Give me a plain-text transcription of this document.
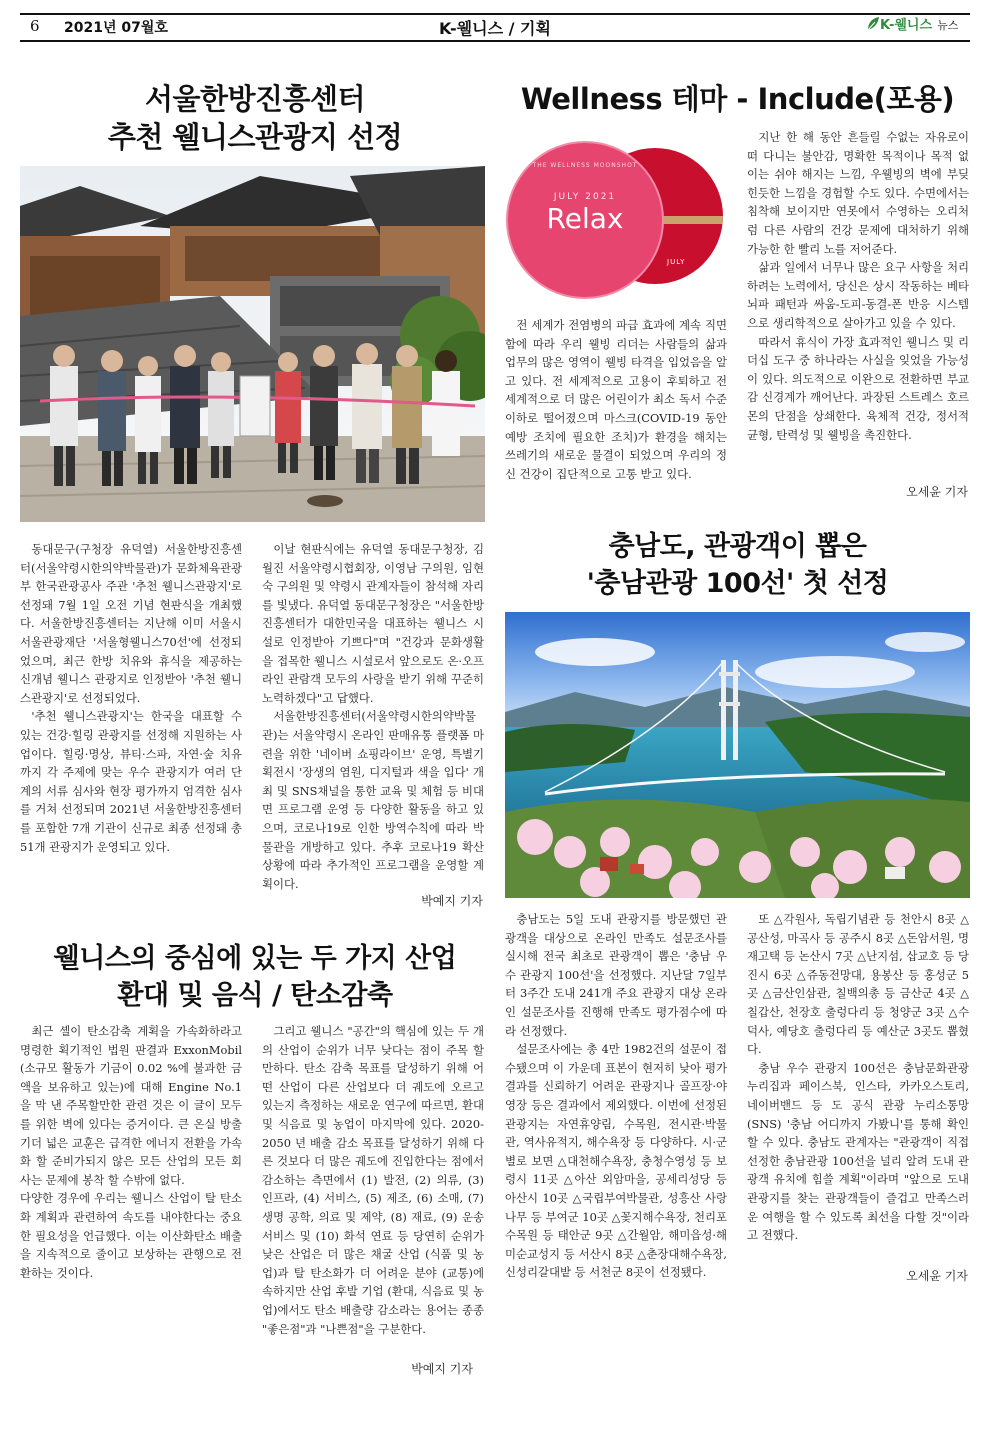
6 2021년 07월호	K-웰니스 / 기획	K-웰니스 뉴스
서울한방진흥센터
추천 웰니스관광지 선정

동대문구(구청장 유덕열) 서울한방진흥센터(서울약령시한의약박물관)가 문화체육관광부 한국관광공사 주관 '추천 웰니스관광지'로 선정돼 7월 1일 오전 기념 현판식을 개최했다. 서울한방진흥센터는 지난해 이미 서울시 서울관광재단 '서울형웰니스70선'에 선정되었으며, 최근 한방 치유와 휴식을 제공하는 신개념 웰니스 관광지로 인정받아 '추천 웰니스관광지'로 선정되었다.

'추천 웰니스관광지'는 한국을 대표할 수 있는 건강·힐링 관광지를 선정해 지원하는 사업이다. 힐링·명상, 뷰티·스파, 자연·숲 치유까지 각 주제에 맞는 우수 관광지가 여러 단계의 서류 심사와 현장 평가까지 엄격한 심사를 거쳐 선정되며 2021년 서울한방진흥센터를 포함한 7개 기관이 신규로 최종 선정돼 총 51개 관광지가 운영되고 있다.

이날 현판식에는 유덕열 동대문구청장, 김월진 서울약령시협회장, 이영남 구의원, 임현숙 구의원 및 약령시 관계자들이 참석해 자리를 빛냈다. 유덕열 동대문구청장은 "서울한방진흥센터가 대한민국을 대표하는 웰니스 시설로 인정받아 기쁘다"며 "건강과 문화생활을 접목한 웰니스 시설로서 앞으로도 온·오프라인 관람객 모두의 사랑을 받기 위해 꾸준히 노력하겠다"고 답했다.

서울한방진흥센터(서울약령시한의약박물관)는 서울약령시 온라인 판매유통 플랫폼 마련을 위한 '네이버 쇼핑라이브' 운영, 특별기획전시 '장생의 염원, 디지털과 색을 입다' 개최 및 SNS채널을 통한 교육 및 체험 등 비대면 프로그램 운영 등 다양한 활동을 하고 있으며, 코로나19로 인한 방역수칙에 따라 박물관을 개방하고 있다. 추후 코로나19 확산 상황에 따라 추가적인 프로그램을 운영할 계획이다.

박예지 기자
Wellness 테마 - Include(포용)
THE WELLNESS MOONSHOT
JULY 2021
Relax
JULY

전 세계가 전염병의 파급 효과에 계속 직면함에 따라 우리 웰빙 리더는 사람들의 삶과 업무의 많은 영역이 웰빙 타격을 입었음을 알고 있다. 전 세계적으로 고용이 후퇴하고 전 세계적으로 더 많은 어린이가 최소 독서 수준 이하로 떨어졌으며 마스크(COVID-19 동안 예방 조치에 필요한 조치)가 환경을 해치는 쓰레기의 새로운 물결이 되었으며 우리의 정신 건강이 집단적으로 고통 받고 있다.

지난 한 해 동안 흔들릴 수없는 자유로이 떠 다니는 불안감, 명확한 목적이나 목적 없이는 쉬야 해지는 느낌, 우웰빙의 벽에 부딪힌듯한 느낌을 경험할 수도 있다. 수면에서는 침착해 보이지만 연못에서 수영하는 오리처럼 다른 사람의 건강 문제에 대처하기 위해 가능한 한 빨리 노를 저어준다.

삶과 일에서 너무나 많은 요구 사항을 처리하려는 노력에서, 당신은 상시 작동하는 베타 뇌파 패턴과 싸움-도피-동결-폰 반응 시스템으로 생리학적으로 살아가고 있을 수 있다.

따라서 휴식이 가장 효과적인 웰니스 및 리더십 도구 중 하나라는 사실을 잊었을 가능성이 있다. 의도적으로 이완으로 전환하면 부교감 신경계가 깨어난다. 과장된 스트레스 호르몬의 단점을 상쇄한다. 육체적 건강, 정서적 균형, 탄력성 및 웰빙을 촉진한다.

오세윤 기자
충남도, 관광객이 뽑은
'충남관광 100선' 첫 선정

충남도는 5일 도내 관광지를 방문했던 관광객을 대상으로 온라인 만족도 설문조사를 실시해 전국 최초로 관광객이 뽑은 '충남 우수 관광지 100선'을 선정했다. 지난달 7일부터 3주간 도내 241개 주요 관광지 대상 온라인 설문조사를 진행해 만족도 평가점수에 따라 선정했다.

설문조사에는 총 4만 1982건의 설문이 접수됐으며 이 가운데 표본이 현저히 낮아 평가 결과를 신뢰하기 어려운 관광지나 골프장·야영장 등은 결과에서 제외했다. 이번에 선정된 관광지는 자연휴양림, 수목원, 전시관·박물관, 역사유적지, 해수욕장 등 다양하다. 시·군별로 보면 △대천해수욕장, 충청수영성 등 보령시 11곳 △아산 외암마을, 공세리성당 등 아산시 10곳 △국립부여박물관, 성흥산 사랑나무 등 부여군 10곳 △꽃지해수욕장, 천리포수목원 등 태안군 9곳 △간월암, 해미읍성·해미순교성지 등 서산시 8곳 △춘장대해수욕장, 신성리갈대밭 등 서천군 8곳이 선정됐다.

또 △각원사, 독립기념관 등 천안시 8곳 △공산성, 마곡사 등 공주시 8곳 △돈암서원, 명재고택 등 논산시 7곳 △난지섬, 삽교호 등 당진시 6곳 △쥬동전망대, 용봉산 등 홍성군 5곳 △금산인삼관, 칠백의총 등 금산군 4곳 △칠갑산, 천장호 출렁다리 등 청양군 3곳 △수덕사, 예당호 출렁다리 등 예산군 3곳도 뽑혔다.

충남 우수 관광지 100선은 충남문화관광 누리집과 페이스북, 인스타, 카카오스토리, 네이버밴드 등 도 공식 관광 누리소통망(SNS) '충남 어디까지 가봤니'를 통해 확인할 수 있다. 충남도 관계자는 "관광객이 직접 선정한 충남관광 100선을 널리 알려 도내 관광객 유치에 힘쓸 계획"이라며 "앞으로 도내 관광지를 찾는 관광객들이 즐겁고 만족스러운 여행을 할 수 있도록 최선을 다할 것"이라고 전했다.

오세윤 기자
웰니스의 중심에 있는 두 가지 산업
환대 및 음식 / 탄소감축

최근 셸이 탄소감축 계획을 가속화하라고 명령한 획기적인 법원 판결과 ExxonMobil (소규모 활동가 기금이 0.02 %에 불과한 금액을 보유하고 있는)에 대해 Engine No.1을 막 낸 주목할만한 관련 것은 이 글이 모두를 위한 벽에 있다는 증거이다. 큰 온실 방출기더 넓은 교훈은 급격한 에너지 전환을 가속화 할 준비가되지 않은 모든 산업의 모든 회사는 문제에 봉착 할 수밖에 없다.

다양한 경우에 우리는 웰니스 산업이 탈 탄소화 계획과 관련하여 속도를 내야한다는 중요한 필요성을 언급했다. 이는 이산화탄소 배출을 지속적으로 줄이고 보상하는 관행으로 전환하는 것이다.

그리고 웰니스 "공간"의 핵심에 있는 두 개의 산업이 순위가 너무 낮다는 점이 주목 할 만하다. 탄소 감축 목표를 달성하기 위해 어떤 산업이 다른 산업보다 더 궤도에 오르고 있는지 측정하는 새로운 연구에 따르면, 환대 및 식음료 및 농업이 마지막에 있다. 2020-2050 년 배출 감소 목표를 달성하기 위해 다른 것보다 더 많은 궤도에 진입한다는 점에서 감소하는 측면에서 (1) 발전, (2) 의류, (3) 인프라, (4) 서비스, (5) 제조, (6) 소매, (7) 생명 공학, 의료 및 제약, (8) 재료, (9) 운송 서비스 및 (10) 화석 연료 등 당연히 순위가 낮은 산업은 더 많은 채굴 산업 (식품 및 농업)과 탈 탄소화가 더 어려운 분야 (교통)에 속하지만 산업 후발 기업 (환대, 식음료 및 농업)에서도 탄소 배출량 감소라는 용어는 종종 "좋은점"과 "나쁜점"을 구분한다.

박예지 기자
